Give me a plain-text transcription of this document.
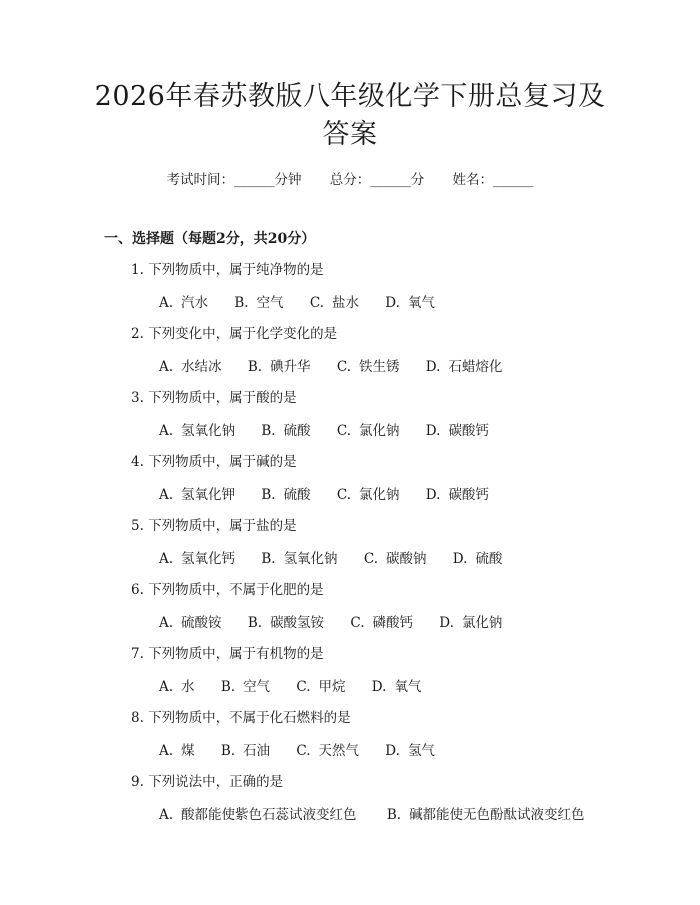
2026年春苏教版八年级化学下册总复习及答案
考试时间：______分钟 总分：______分 姓名：______
一、选择题（每题2分，共20分）
1. 下列物质中，属于纯净物的是
A. 汽水 B. 空气 C. 盐水 D. 氧气
2. 下列变化中，属于化学变化的是
A. 水结冰 B. 碘升华 C. 铁生锈 D. 石蜡熔化
3. 下列物质中，属于酸的是
A. 氢氧化钠 B. 硫酸 C. 氯化钠 D. 碳酸钙
4. 下列物质中，属于碱的是
A. 氢氧化钾 B. 硫酸 C. 氯化钠 D. 碳酸钙
5. 下列物质中，属于盐的是
A. 氢氧化钙 B. 氢氧化钠 C. 碳酸钠 D. 硫酸
6. 下列物质中，不属于化肥的是
A. 硫酸铵 B. 碳酸氢铵 C. 磷酸钙 D. 氯化钠
7. 下列物质中，属于有机物的是
A. 水 B. 空气 C. 甲烷 D. 氧气
8. 下列物质中，不属于化石燃料的是
A. 煤 B. 石油 C. 天然气 D. 氢气
9. 下列说法中，正确的是
A. 酸都能使紫色石蕊试液变红色 B. 碱都能使无色酚酞试液变红色
